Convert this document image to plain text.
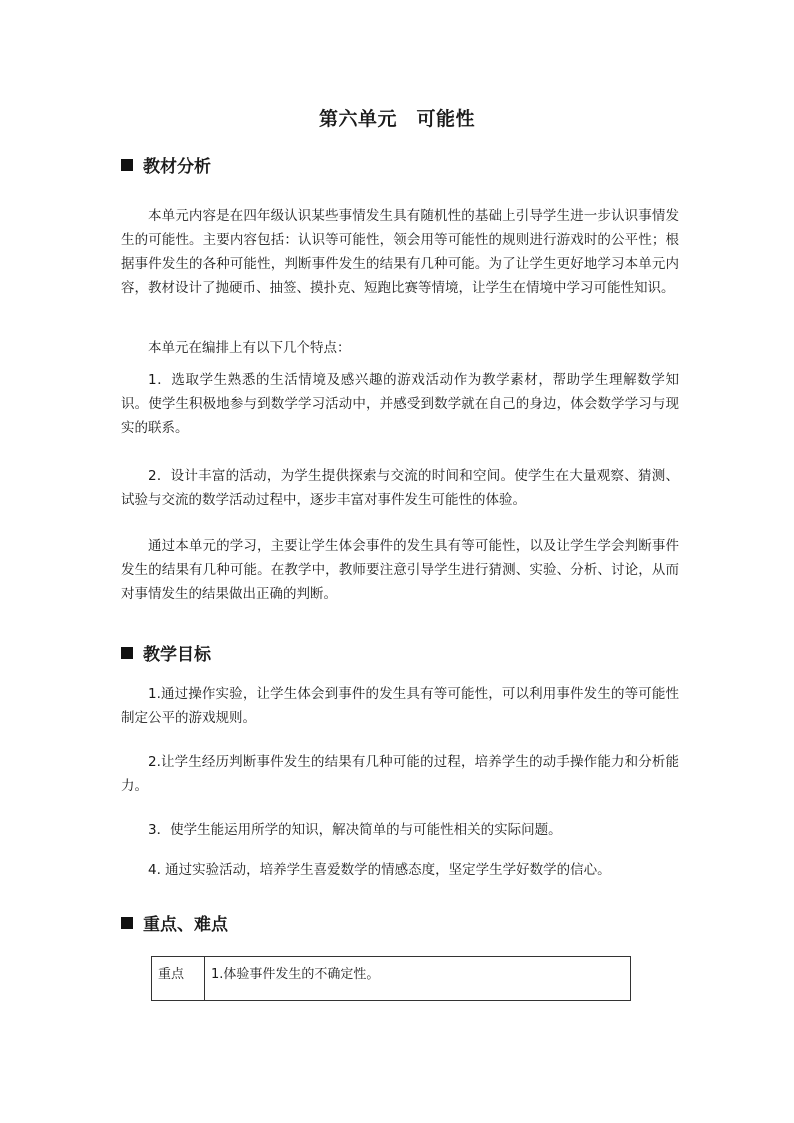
第六单元　可能性
教材分析

本单元内容是在四年级认识某些事情发生具有随机性的基础上引导学生进一步认识事情发生的可能性。主要内容包括：认识等可能性，领会用等可能性的规则进行游戏时的公平性；根据事件发生的各种可能性，判断事件发生的结果有几种可能。为了让学生更好地学习本单元内容，教材设计了抛硬币、抽签、摸扑克、短跑比赛等情境，让学生在情境中学习可能性知识。

本单元在编排上有以下几个特点：

1．选取学生熟悉的生活情境及感兴趣的游戏活动作为教学素材，帮助学生理解数学知识。使学生积极地参与到数学学习活动中，并感受到数学就在自己的身边，体会数学学习与现实的联系。

2．设计丰富的活动，为学生提供探索与交流的时间和空间。使学生在大量观察、猜测、试验与交流的数学活动过程中，逐步丰富对事件发生可能性的体验。

通过本单元的学习，主要让学生体会事件的发生具有等可能性，以及让学生学会判断事件发生的结果有几种可能。在教学中，教师要注意引导学生进行猜测、实验、分析、讨论，从而对事情发生的结果做出正确的判断。

教学目标

1.通过操作实验，让学生体会到事件的发生具有等可能性，可以利用事件发生的等可能性制定公平的游戏规则。

2.让学生经历判断事件发生的结果有几种可能的过程，培养学生的动手操作能力和分析能力。

3．使学生能运用所学的知识，解决简单的与可能性相关的实际问题。

4. 通过实验活动，培养学生喜爱数学的情感态度，坚定学生学好数学的信心。

重点、难点
重点	1.体验事件发生的不确定性。
